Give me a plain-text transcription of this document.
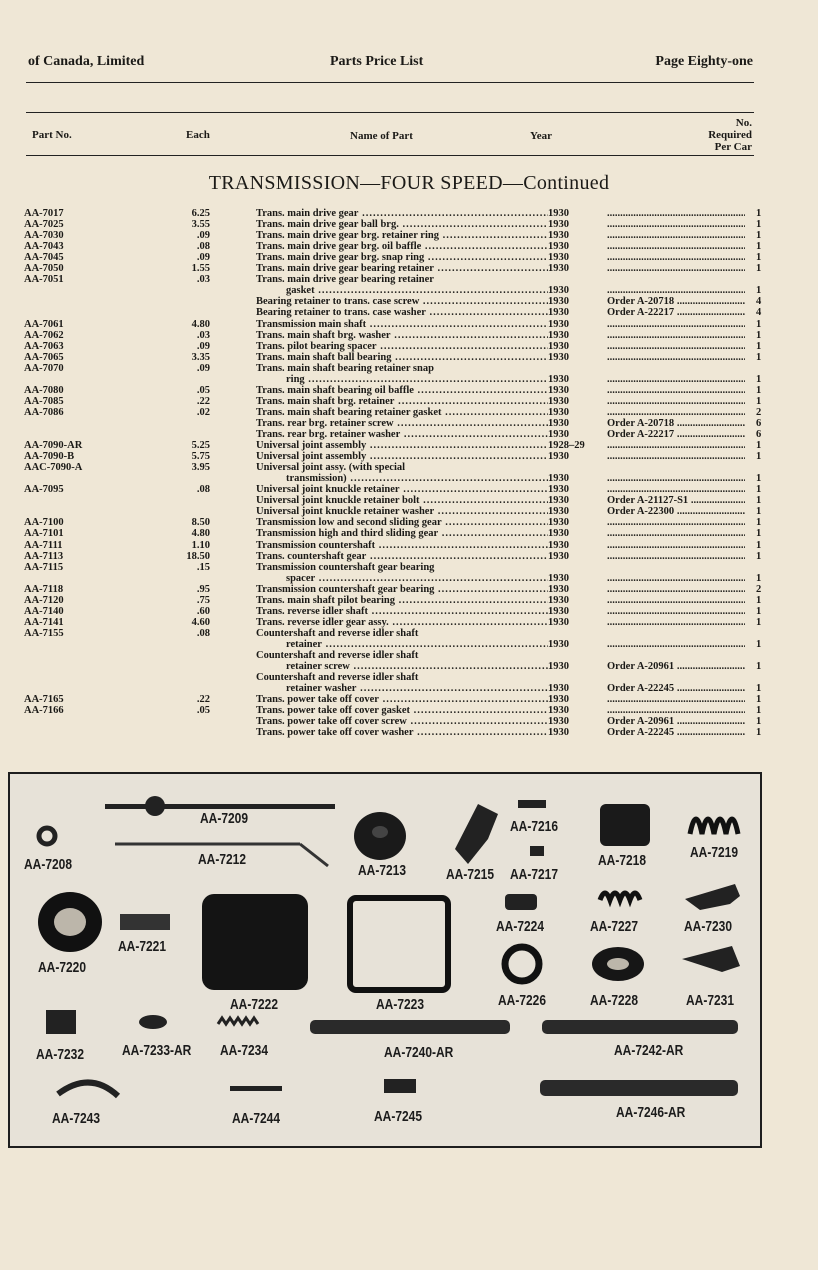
of Canada, Limited	Parts Price List	Page Eighty-one
Part No.	Each	Name of Part	Year
No.
Required
Per Car
TRANSMISSION—FOUR SPEED—Continued
AA-7017	6.25	Trans. main drive gear .....	1930 .....	1
AA-7025	3.55	Trans. main drive gear ball brg. .....	1930 .....	1
AA-7030	.09	Trans. main drive gear brg. retainer ring .....	1930 .....	1
AA-7043	.08	Trans. main drive gear brg. oil baffle .....	1930 .....	1
AA-7045	.09	Trans. main drive gear brg. snap ring .....	1930 .....	1
AA-7050	1.55	Trans. main drive gear bearing retainer .....	1930 .....	1
AA-7051	.03	Trans. main drive gear bearing retainer
gasket .....	1930 .....	1
Bearing retainer to trans. case screw .....	1930	Order A-20718 .....	4
Bearing retainer to trans. case washer .....	1930	Order A-22217 .....	4
AA-7061	4.80	Transmission main shaft .....	1930 .....	1
AA-7062	.03	Trans. main shaft brg. washer .....	1930 .....	1
AA-7063	.09	Trans. pilot bearing spacer .....	1930 .....	1
AA-7065	3.35	Trans. main shaft ball bearing .....	1930 .....	1
AA-7070	.09	Trans. main shaft bearing retainer snap
ring .....	1930 .....	1
AA-7080	.05	Trans. main shaft bearing oil baffle .....	1930 .....	1
AA-7085	.22	Trans. main shaft brg. retainer .....	1930 .....	1
AA-7086	.02	Trans. main shaft bearing retainer gasket .....	1930 .....	2
Trans. rear brg. retainer screw .....	1930	Order A-20718 .....	6
Trans. rear brg. retainer washer .....	1930	Order A-22217 .....	6
AA-7090-AR	5.25	Universal joint assembly .....	1928–29 .....	1
AA-7090-B	5.75	Universal joint assembly .....	1930 .....	1
AAC-7090-A	3.95	Universal joint assy. (with special
transmission) .....	1930 .....	1
AA-7095	.08	Universal joint knuckle retainer .....	1930 .....	1
Universal joint knuckle retainer bolt .....	1930	Order A-21127-S1 .....	1
Universal joint knuckle retainer washer .....	1930	Order A-22300 .....	1
AA-7100	8.50	Transmission low and second sliding gear .....	1930 .....	1
AA-7101	4.80	Transmission high and third sliding gear .....	1930 .....	1
AA-7111	1.10	Transmission countershaft .....	1930 .....	1
AA-7113	18.50	Trans. countershaft gear .....	1930 .....	1
AA-7115	.15	Transmission countershaft gear bearing
spacer .....	1930 .....	1
AA-7118	.95	Transmission countershaft gear bearing .....	1930 .....	2
AA-7120	.75	Trans. main shaft pilot bearing .....	1930 .....	1
AA-7140	.60	Trans. reverse idler shaft .....	1930 .....	1
AA-7141	4.60	Trans. reverse idler gear assy. .....	1930 .....	1
AA-7155	.08	Countershaft and reverse idler shaft
retainer .....	1930 .....	1
Countershaft and reverse idler shaft
retainer screw .....	1930	Order A-20961 .....	1
Countershaft and reverse idler shaft
retainer washer .....	1930	Order A-22245 .....	1
AA-7165	.22	Trans. power take off cover .....	1930 .....	1
AA-7166	.05	Trans. power take off cover gasket .....	1930 .....	1
Trans. power take off cover screw .....	1930	Order A-20961 .....	1
Trans. power take off cover washer .....	1930	Order A-22245 .....	1
AA-7209
AA-7208	AA-7212
AA-7213	AA-7215
AA-7216
AA-7217
AA-7218	AA-7219
AA-7220
AA-7221
AA-7222	AA-7223
AA-7224
AA-7226
AA-7227
AA-7228
AA-7230
AA-7231
AA-7232	AA-7233-AR AA-7234	AA-7240-AR	AA-7242-AR
AA-7243	AA-7244	AA-7245	AA-7246-AR
